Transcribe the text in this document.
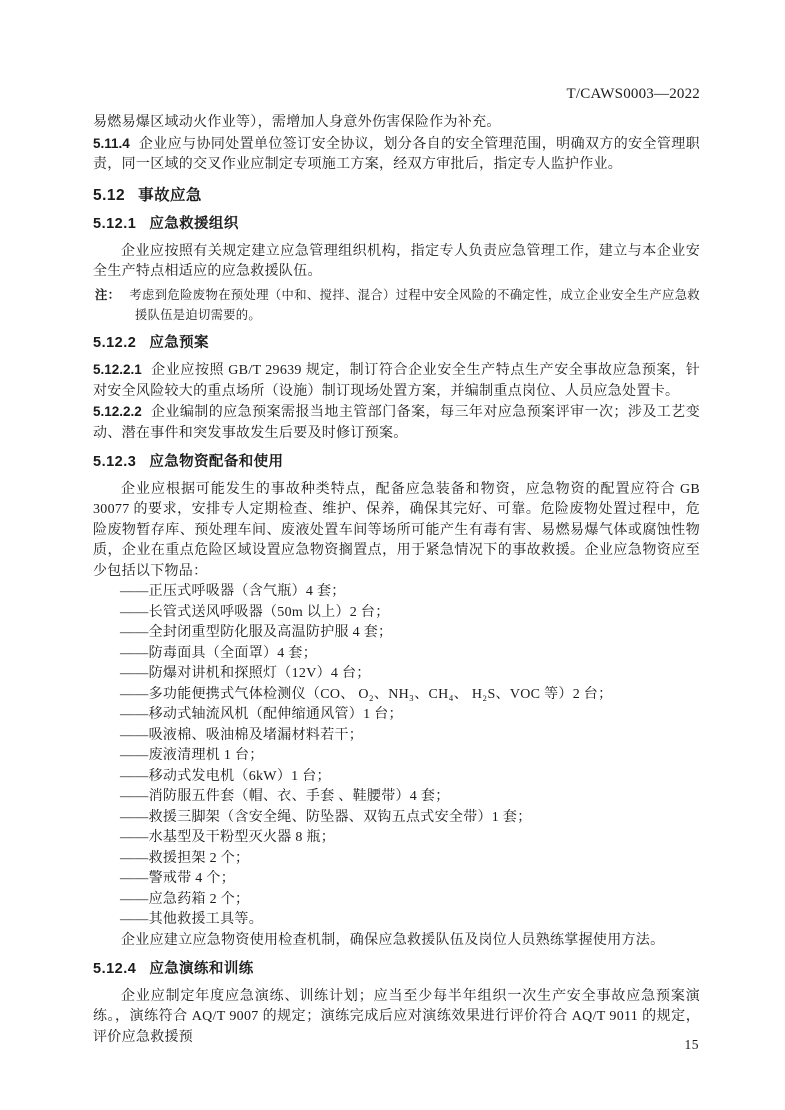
T/CAWS0003—2022

易燃易爆区域动火作业等），需增加人身意外伤害保险作为补充。

5.11.4 企业应与协同处置单位签订安全协议，划分各自的安全管理范围，明确双方的安全管理职责，同一区域的交叉作业应制定专项施工方案，经双方审批后，指定专人监护作业。

5.12 事故应急

5.12.1 应急救援组织

企业应按照有关规定建立应急管理组织机构，指定专人负责应急管理工作，建立与本企业安全生产特点相适应的应急救援队伍。

注： 考虑到危险废物在预处理（中和、搅拌、混合）过程中安全风险的不确定性，成立企业安全生产应急救援队伍是迫切需要的。

5.12.2 应急预案

5.12.2.1 企业应按照 GB/T 29639 规定，制订符合企业安全生产特点生产安全事故应急预案，针对安全风险较大的重点场所（设施）制订现场处置方案，并编制重点岗位、人员应急处置卡。

5.12.2.2 企业编制的应急预案需报当地主管部门备案，每三年对应急预案评审一次；涉及工艺变动、潜在事件和突发事故发生后要及时修订预案。

5.12.3 应急物资配备和使用

企业应根据可能发生的事故种类特点，配备应急装备和物资，应急物资的配置应符合 GB 30077 的要求，安排专人定期检查、维护、保养，确保其完好、可靠。危险废物处置过程中，危险废物暂存库、预处理车间、废液处置车间等场所可能产生有毒有害、易燃易爆气体或腐蚀性物质，企业在重点危险区域设置应急物资搁置点，用于紧急情况下的事故救援。企业应急物资应至少包括以下物品：

——正压式呼吸器（含气瓶）4 套；

——长管式送风呼吸器（50m 以上）2 台；

——全封闭重型防化服及高温防护服 4 套；

——防毒面具（全面罩）4 套；

——防爆对讲机和探照灯（12V）4 台；

——多功能便携式气体检测仪（CO、 O₂、NH₃、CH₄、 H₂S、VOC 等）2 台；

——移动式轴流风机（配伸缩通风管）1 台；

——吸液棉、吸油棉及堵漏材料若干；

——废液清理机 1 台；

——移动式发电机（6kW）1 台；

——消防服五件套（帽、衣、手套 、鞋腰带）4 套；

——救援三脚架（含安全绳、防坠器、双钩五点式安全带）1 套；

——水基型及干粉型灭火器 8 瓶；

——救援担架 2 个；

——警戒带 4 个；

——应急药箱 2 个；

——其他救援工具等。

企业应建立应急物资使用检查机制，确保应急救援队伍及岗位人员熟练掌握使用方法。

5.12.4 应急演练和训练

企业应制定年度应急演练、训练计划；应当至少每半年组织一次生产安全事故应急预案演练。，演练符合 AQ/T 9007 的规定；演练完成后应对演练效果进行评价符合 AQ/T 9011 的规定，评价应急救援预	15
